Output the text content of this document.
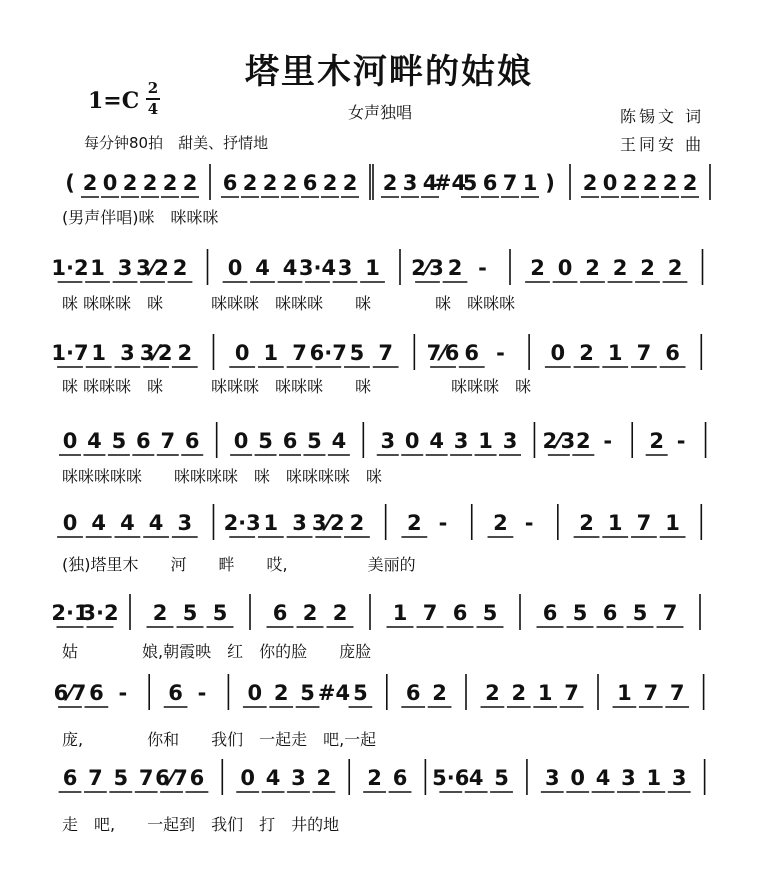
塔里木河畔的姑娘
1=C 2
4	女声独唱	陈锡文 词
王同安 曲
每分钟80拍　甜美、抒情地
( 2 0 2 2 2 2 6 2 2 2 6 2 2 2 3 4
#4
5 6 7 1 ) 2 0 2 2 2 2
(男声伴唱)咪　咪咪咪
1·2 1 3 3⁄2 2 0 4 4 3·4 3 1 2⁄3 2 - 2 0 2 2 2 2
咪 咪咪咪　咪　　　咪咪咪　咪咪咪　　咪　　　　咪　咪咪咪
1·7 1 3 3⁄2 2 0 1 7 6·7 5 7 7⁄6 6 - 0 2 1 7 6
咪 咪咪咪　咪　　　咪咪咪　咪咪咪　　咪　　　　　咪咪咪　咪
0 4 5 6 7 6 0 5 6 5 4 3 0 4 3 1 3 2⁄3 2 - 2 -
咪咪咪咪咪　　咪咪咪咪　咪　咪咪咪咪　咪
0 4 4 4 3 2·3 1 3 3⁄2 2 2 - 2 - 2 1 7 1
(独)塔里木　　河　　畔　　哎,　　　　　美丽的
2·1
3·2 2 5 5 6 2 2 1 7 6 5 6 5 6 5 7
姑　　　　娘,朝霞映　红　你的脸　　庞脸
6⁄7 6 - 6 - 0 2 5 #4 5 6 2 2 2 1 7 1 7 7
庞,　　　　你和　　我们　一起走　吧,一起
6 7 5 7 6⁄7 6 0 4 3 2 2 6 5·6 4 5 3 0 4 3 1 3
走　吧,　　一起到　我们　打　井的地
